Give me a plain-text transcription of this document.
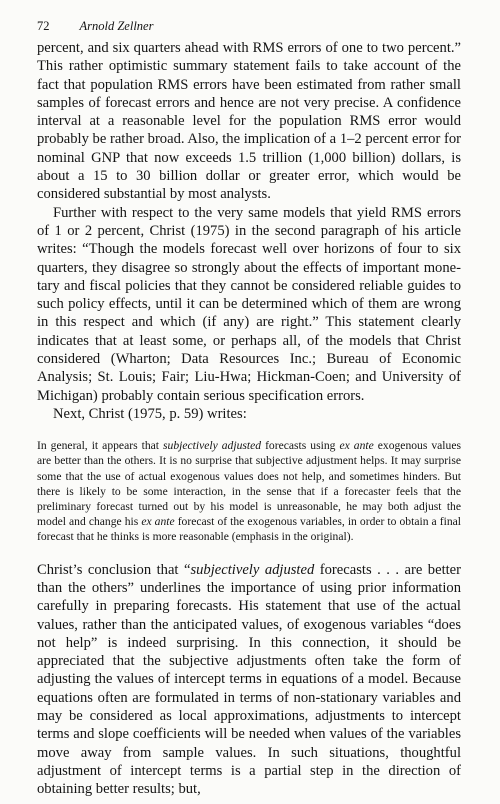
72 Arnold Zellner

percent, and six quarters ahead with RMS errors of one to two percent.” This rather optimistic summary statement fails to take account of the fact that population RMS errors have been estimated from rather small samples of forecast errors and hence are not very precise. A confidence interval at a reasonable level for the population RMS error would probably be rather broad. Also, the implication of a 1–2 percent error for nominal GNP that now exceeds 1.5 trillion (1,000 billion) dollars, is about a 15 to 30 billion dollar or greater error, which would be considered substantial by most analysts.

Further with respect to the very same models that yield RMS errors of 1 or 2 percent, Christ (1975) in the second paragraph of his article writes: “Though the models forecast well over horizons of four to six quarters, they disagree so strongly about the effects of important monetary and fiscal policies that they cannot be considered reliable guides to such policy effects, until it can be determined which of them are wrong in this respect and which (if any) are right.” This statement clearly indicates that at least some, or perhaps all, of the models that Christ considered (Wharton; Data Resources Inc.; Bureau of Economic Analysis; St. Louis; Fair; Liu-Hwa; Hickman-Coen; and University of Michigan) probably contain serious specification errors.

Next, Christ (1975, p. 59) writes:

In general, it appears that subjectively adjusted forecasts using ex ante exogenous values are better than the others. It is no surprise that subjective adjustment helps. It may surprise some that the use of actual exogenous values does not help, and sometimes hinders. But there is likely to be some interaction, in the sense that if a forecaster feels that the preliminary forecast turned out by his model is unreasonable, he may both adjust the model and change his ex ante forecast of the exogenous variables, in order to obtain a final forecast that he thinks is more reasonable (emphasis in the original).

Christ’s conclusion that “subjectively adjusted forecasts . . . are better than the others” underlines the importance of using prior information carefully in preparing forecasts. His statement that use of the actual values, rather than the anticipated values, of exogenous variables “does not help” is indeed surprising. In this connection, it should be appreciated that the subjective adjustments often take the form of adjusting the values of intercept terms in equations of a model. Because equations often are formulated in terms of non-stationary variables and may be considered as local approximations, adjustments to intercept terms and slope coefficients will be needed when values of the variables move away from sample values. In such situations, thoughtful adjustment of intercept terms is a partial step in the direction of obtaining better results; but,
